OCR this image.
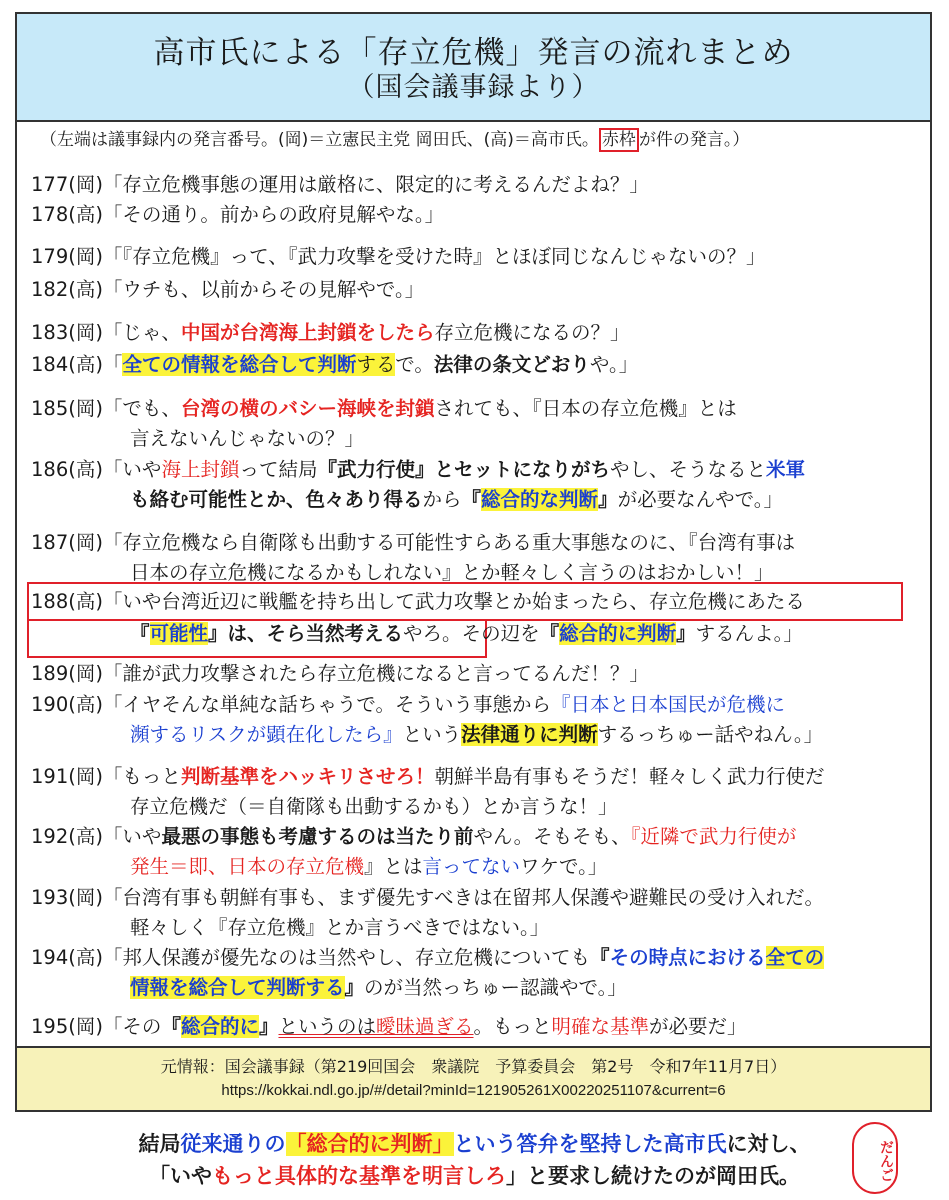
高市氏による「存立危機」発言の流れまとめ
（国会議事録より）
元情報：国会議事録（第219回国会　衆議院　予算委員会　第2号　令和7年11月7日）
https://kokkai.ndl.go.jp/#/detail?minId=121905261X00220251107&current=6
（左端は議事録内の発言番号。(岡)＝立憲民主党 岡田氏、(高)＝高市氏。 赤枠 が件の発言。）
177(岡)「存立危機事態の運用は厳格に、限定的に考えるんだよね？」
178(高)「その通り。前からの政府見解やな。」
179(岡)「『存立危機』って、『武力攻撃を受けた時』とほぼ同じなんじゃないの？」
182(高)「ウチも、以前からその見解やで。」
183(岡)「じゃ、中国が台湾海上封鎖をしたら存立危機になるの？」
184(高)「全ての情報を総合して判断するで。法律の条文どおりや。」
185(岡)「でも、台湾の横のバシー海峡を封鎖されても、『日本の存立危機』とは
言えないんじゃないの？」
186(高)「いや海上封鎖って結局『武力行使』とセットになりがちやし、そうなると米軍
も絡む可能性とか、色々あり得るから『総合的な判断』が必要なんやで。」
187(岡)「存立危機なら自衛隊も出動する可能性すらある重大事態なのに、『台湾有事は
日本の存立危機になるかもしれない』とか軽々しく言うのはおかしい！」
188(高)「いや台湾近辺に戦艦を持ち出して武力攻撃とか始まったら、存立危機にあたる
『可能性』は、そら当然考えるやろ。その辺を『総合的に判断』するんよ。」
189(岡)「誰が武力攻撃されたら存立危機になると言ってるんだ！？」
190(高)「イヤそんな単純な話ちゃうで。そういう事態から『日本と日本国民が危機に
瀕するリスクが顕在化したら』という法律通りに判断するっちゅー話やねん。」
191(岡)「もっと判断基準をハッキリさせろ！朝鮮半島有事もそうだ！軽々しく武力行使だ
存立危機だ（＝自衛隊も出動するかも）とか言うな！」
192(高)「いや最悪の事態も考慮するのは当たり前やん。そもそも、『近隣で武力行使が
発生＝即、日本の存立危機』とは言ってないワケで。」
193(岡)「台湾有事も朝鮮有事も、まず優先すべきは在留邦人保護や避難民の受け入れだ。
軽々しく『存立危機』とか言うべきではない。」
194(高)「邦人保護が優先なのは当然やし、存立危機についても『その時点における全ての
情報を総合して判断する』のが当然っちゅー認識やで。」
195(岡)「その『総合的に』というのは曖昧過ぎる。もっと明確な基準が必要だ」
結局従来通りの「総合的に判断」という答弁を堅持した高市氏に対し、
「いやもっと具体的な基準を明言しろ」と要求し続けたのが岡田氏。	だんご
